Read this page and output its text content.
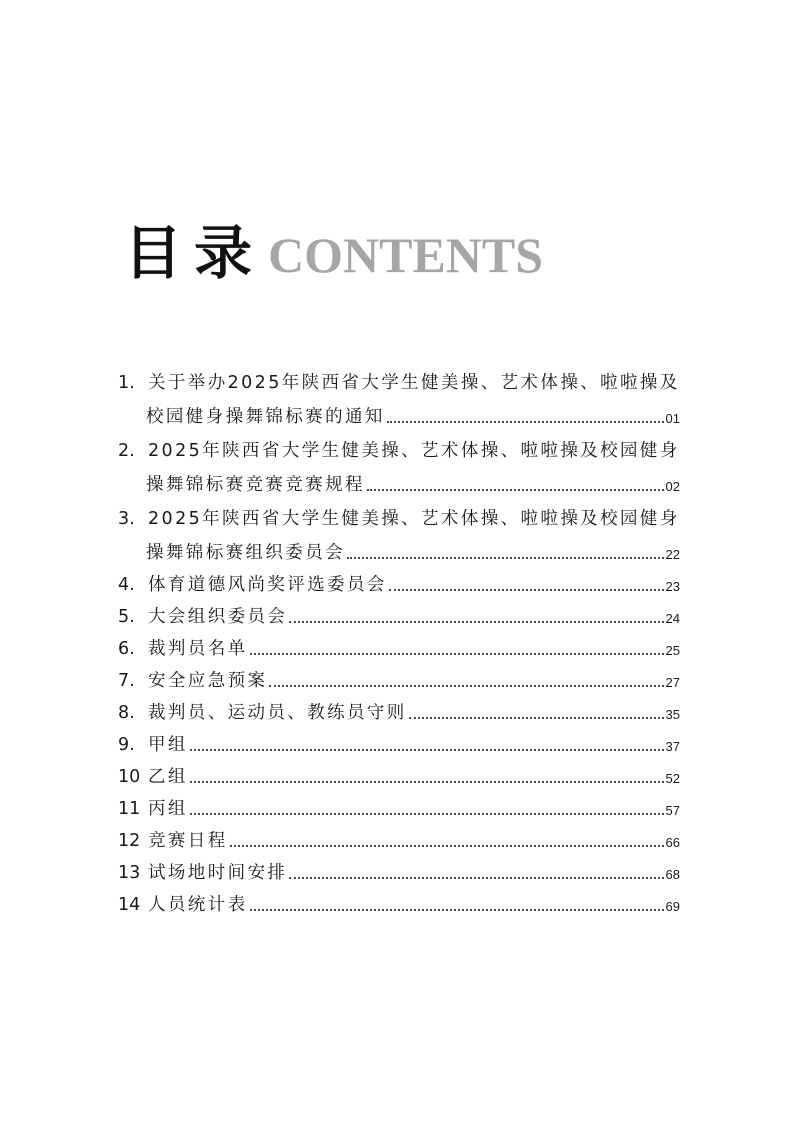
目录 CONTENTS
1. 关于举办2025年陕西省大学生健美操、艺术体操、啦啦操及
校园健身操舞锦标赛的通知	01
2. 2025年陕西省大学生健美操、艺术体操、啦啦操及校园健身
操舞锦标赛竞赛竞赛规程	02
3. 2025年陕西省大学生健美操、艺术体操、啦啦操及校园健身
操舞锦标赛组织委员会	22
4. 体育道德风尚奖评选委员会	23
5. 大会组织委员会	24
6. 裁判员名单	25
7. 安全应急预案	27
8. 裁判员、运动员、教练员守则	35
9. 甲组	37
10 乙组	52
11 丙组	57
12 竞赛日程	66
13 试场地时间安排	68
14 人员统计表	69
